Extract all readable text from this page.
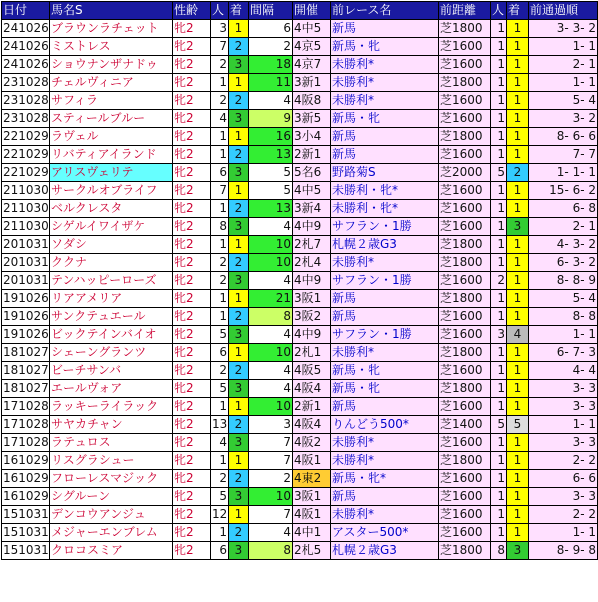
日付	馬名S	性齢	人	着	間隔	開催	前レース名	前距離	人	着	前通過順
241026	ブラウンラチェット	牝2	3	1	6	4中5	新馬	芝1800	1	1	3- 3- 2
241026	ミストレス	牝2	7	2	2	4京5	新馬・牝	芝1600	1	1	1- 1
241026	ショウナンザナドゥ	牝2	2	3	18	4京7	未勝利*	芝1600	1	1	2- 1
231028	チェルヴィニア	牝2	1	1	11	3新1	未勝利*	芝1800	1	1	1- 1
231028	サフィラ	牝2	2	2	4	4阪8	未勝利*	芝1600	1	1	5- 4
231028	スティールブルー	牝2	4	3	9	3新5	新馬・牝	芝1600	1	1	3- 2
221029	ラヴェル	牝2	1	1	16	3小4	新馬	芝1800	1	1	8- 6- 6
221029	リバティアイランド	牝2	1	2	13	2新1	新馬	芝1600	1	1	7- 7
221029	アリスヴェリテ	牝2	6	3	5	5名6	野路菊S	芝2000	5	2	1- 1- 1
211030	サークルオブライフ	牝2	7	1	5	4中5	未勝利・牝*	芝1600	1	1	15- 6- 2
211030	ベルクレスタ	牝2	1	2	13	3新4	未勝利・牝*	芝1600	1	1	6- 8
211030	シゲルイワイザケ	牝2	8	3	4	4中9	サフラン・1勝	芝1600	1	3	2- 1
201031	ソダシ	牝2	1	1	10	2札7	札幌２歳G3	芝1800	1	1	4- 3- 2
201031	ククナ	牝2	2	2	10	2札4	未勝利*	芝1800	1	1	6- 3- 2
201031	テンハッピーローズ	牝2	2	3	4	4中9	サフラン・1勝	芝1600	2	1	8- 8- 9
191026	リアアメリア	牝2	1	1	21	3阪1	新馬	芝1800	1	1	5- 4
191026	サンクテュエール	牝2	1	2	8	3阪2	新馬	芝1600	1	1	8- 8
191026	ビックテインバイオ	牝2	5	3	4	4中9	サフラン・1勝	芝1600	3	4	1- 1
181027	シェーングランツ	牝2	6	1	10	2札1	未勝利*	芝1800	1	1	6- 7- 3
181027	ビーチサンバ	牝2	2	2	4	4阪5	新馬・牝	芝1600	1	1	4- 4
181027	エールヴォア	牝2	5	3	4	4阪4	新馬・牝	芝1800	1	1	3- 3
171028	ラッキーライラック	牝2	1	1	10	2新1	新馬	芝1600	1	1	3- 3
171028	サヤカチャン	牝2	13	2	3	4阪4	りんどう500*	芝1400	5	5	1- 1
171028	ラテュロス	牝2	4	3	7	4阪2	未勝利*	芝1600	1	1	3- 3
161029	リスグラシュー	牝2	1	1	7	4阪1	未勝利*	芝1800	1	1	2- 2
161029	フローレスマジック	牝2	2	2	2	4東2	新馬・牝*	芝1600	1	1	6- 6
161029	シグルーン	牝2	5	3	10	3阪1	新馬	芝1600	1	1	3- 3
151031	デンコウアンジュ	牝2	12	1	7	4阪1	未勝利*	芝1600	1	1	2- 2
151031	メジャーエンブレム	牝2	1	2	4	4中1	アスター500*	芝1600	1	1	1- 1
151031	クロコスミア	牝2	6	3	8	2札5	札幌２歳G3	芝1800	8	3	8- 9- 8
